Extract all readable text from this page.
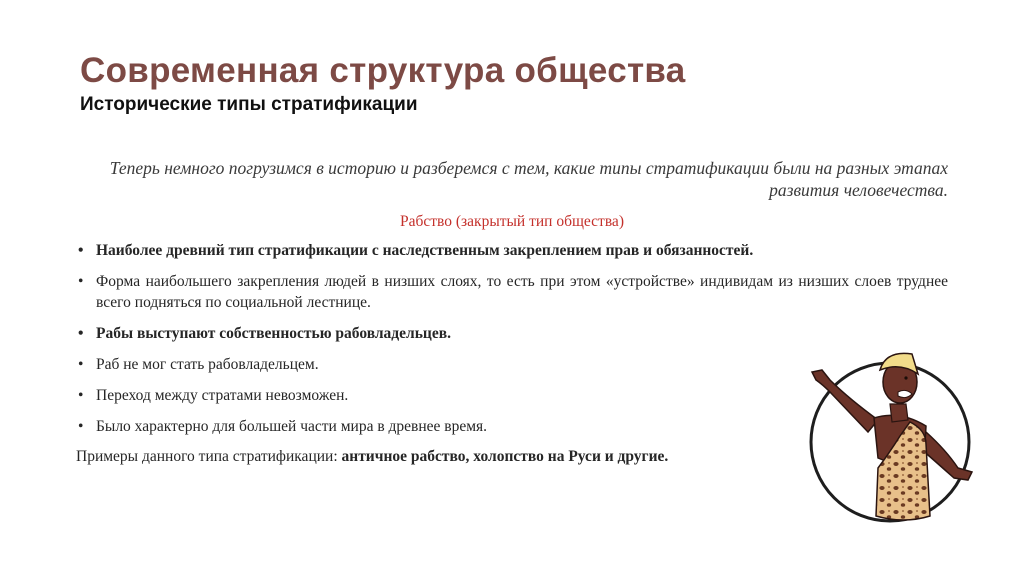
Современная структура общества
Исторические типы стратификации

Теперь немного погрузимся в историю и разберемся с тем, какие типы стратификации были на разных этапах развития человечества.

Рабство (закрытый тип общества)

• Наиболее древний тип стратификации с наследственным закреплением прав и обязанностей.
• Форма наибольшего закрепления людей в низших слоях, то есть при этом «устройстве» индивидам из низших слоев труднее всего подняться по социальной лестнице.
• Рабы выступают собственностью рабовладельцев.
• Раб не мог стать рабовладельцем.
• Переход между стратами невозможен.
• Было характерно для большей части мира в древнее время.

Примеры данного типа стратификации: античное рабство, холопство на Руси и другие.
